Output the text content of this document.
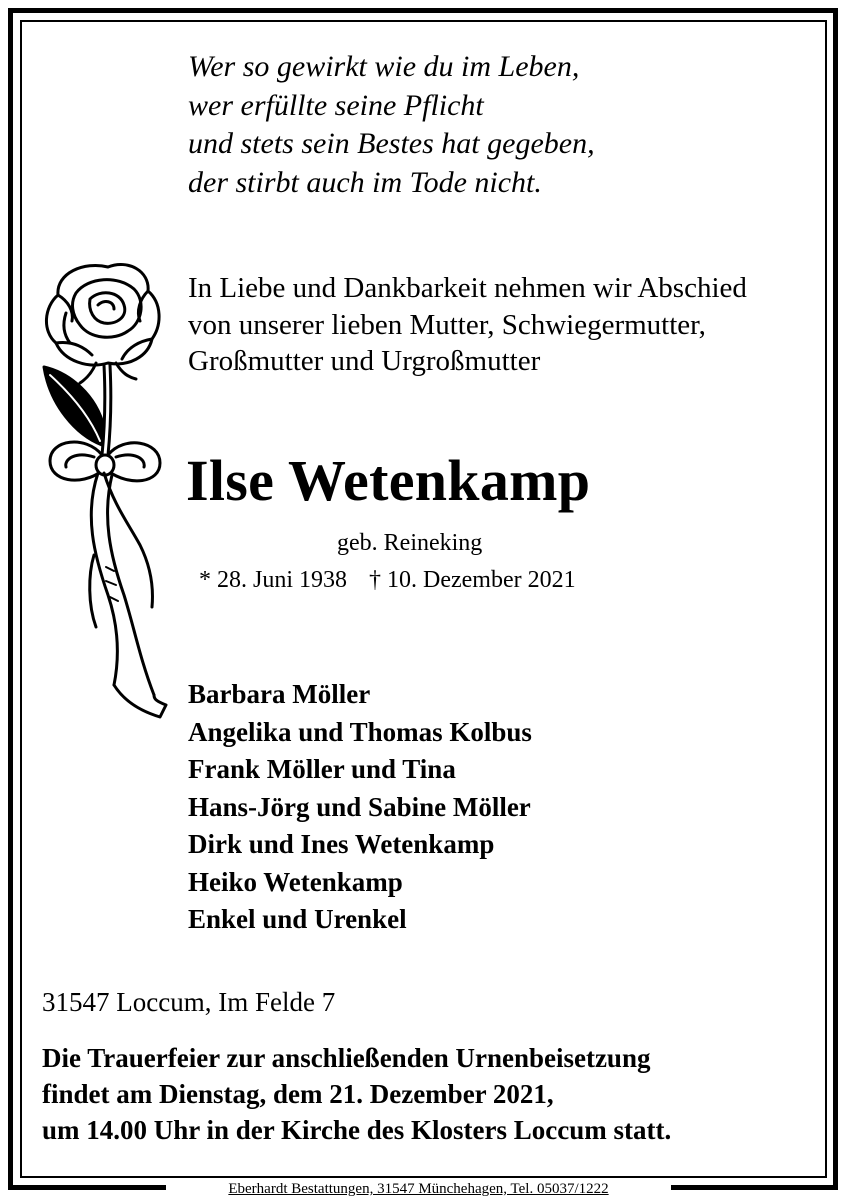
Wer so gewirkt wie du im Leben,
wer erfüllte seine Pflicht
und stets sein Bestes hat gegeben,
der stirbt auch im Tode nicht.
In Liebe und Dankbarkeit nehmen wir Abschied
von unserer lieben Mutter, Schwiegermutter,
Großmutter und Urgroßmutter
Ilse Wetenkamp
geb. Reineking
* 28. Juni 1938 † 10. Dezember 2021
Barbara Möller
Angelika und Thomas Kolbus
Frank Möller und Tina
Hans-Jörg und Sabine Möller
Dirk und Ines Wetenkamp
Heiko Wetenkamp
Enkel und Urenkel
31547 Loccum, Im Felde 7
Die Trauerfeier zur anschließenden Urnenbeisetzung
findet am Dienstag, dem 21. Dezember 2021,
um 14.00 Uhr in der Kirche des Klosters Loccum statt.
Eberhardt Bestattungen, 31547 Münchehagen, Tel. 05037/1222
